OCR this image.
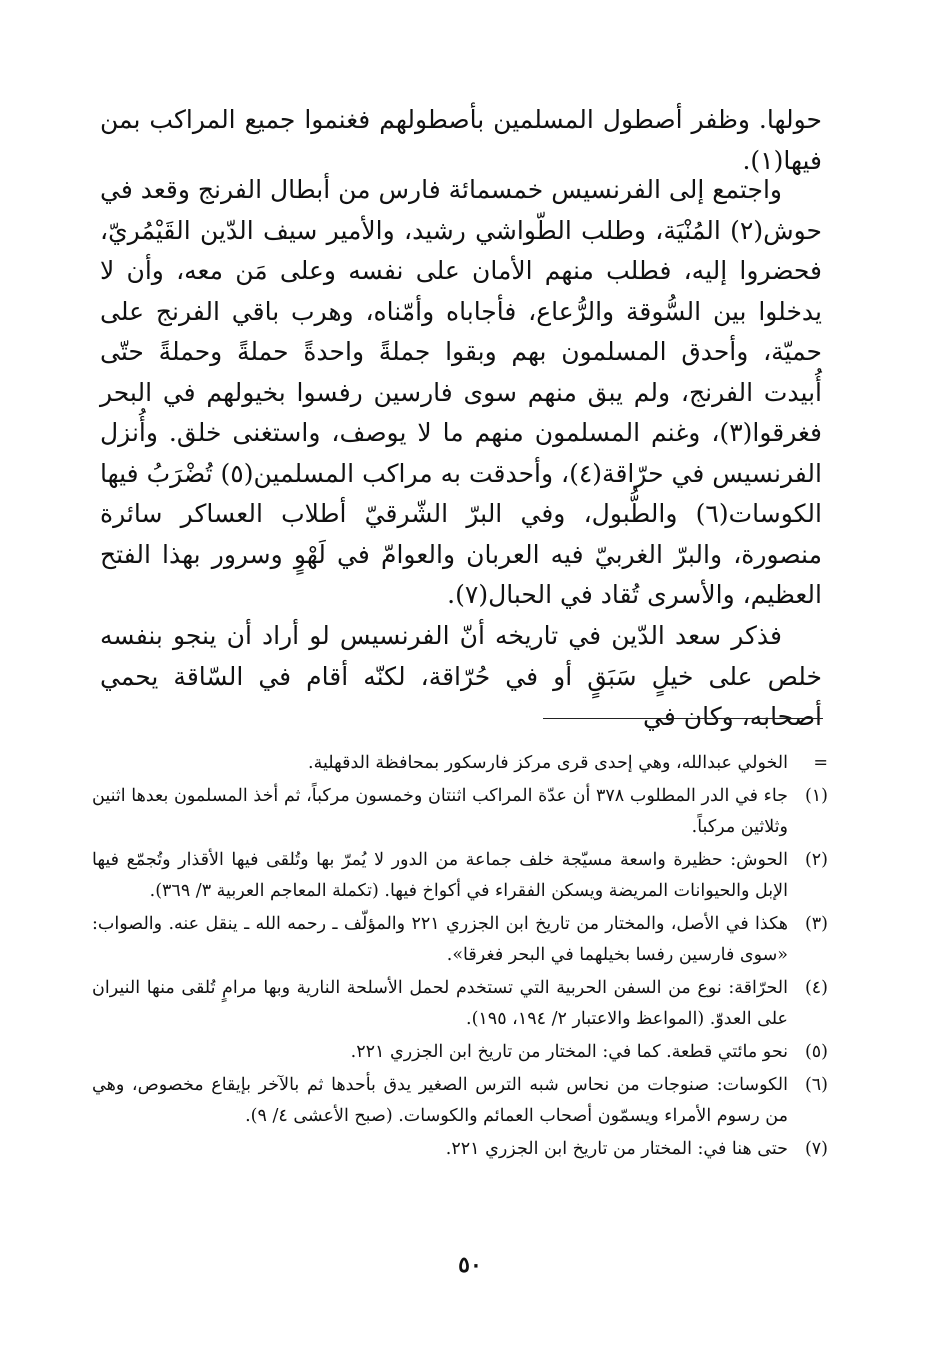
حولها. وظفر أصطول المسلمين بأصطولهم فغنموا جميع المراكب بمن فيها(١).
واجتمع إلى الفرنسيس خمسمائة فارس من أبطال الفرنج وقعد في حوش(٢) المُنْيَة، وطلب الطّواشي رشيد، والأمير سيف الدّين القَيْمُريّ، فحضروا إليه، فطلب منهم الأمان على نفسه وعلى مَن معه، وأن لا يدخلوا بين السُّوقة والرُّعاع، فأجاباه وأمّناه، وهرب باقي الفرنج على حميّة، وأحدق المسلمون بهم وبقوا جملةً واحدةً حملةً وحملةً حتّى أُبيدت الفرنج، ولم يبق منهم سوى فارسين رفسوا بخيولهم في البحر فغرقوا(٣)، وغنم المسلمون منهم ما لا يوصف، واستغنى خلق. وأُنزل الفرنسيس في حرّاقة(٤)، وأحدقت به مراكب المسلمين(٥) تُضْرَبُ فيها الكوسات(٦) والطُّبول، وفي البرّ الشّرقيّ أطلاب العساكر سائرة منصورة، والبرّ الغربيّ فيه العربان والعوامّ في لَهْوٍ وسرور بهذا الفتح العظيم، والأسرى تُقاد في الحبال(٧).
فذكر سعد الدّين في تاريخه أنّ الفرنسيس لو أراد أن ينجو بنفسه خلص على خيلٍ سَبَقٍ أو في حُرّاقة، لكنّه أقام في السّاقة يحمي أصحابه، وكان في
=
الخولي عبدالله، وهي إحدى قرى مركز فارسكور بمحافظة الدقهلية.
(١)
جاء في الدر المطلوب ٣٧٨ أن عدّة المراكب اثنتان وخمسون مركباً، ثم أخذ المسلمون بعدها اثنين وثلاثين مركباً.
(٢)
الحوش: حظيرة واسعة مسيّجة خلف جماعة من الدور لا يُمرّ بها وتُلقى فيها الأقذار وتُجمّع فيها الإبل والحيوانات المريضة ويسكن الفقراء في أكواخ فيها. (تكملة المعاجم العربية ٣/ ٣٦٩).
(٣)
هكذا في الأصل، والمختار من تاريخ ابن الجزري ٢٢١ والمؤلّف ـ رحمه الله ـ ينقل عنه. والصواب: «سوى فارسين رفسا بخيلهما في البحر فغرقا».
(٤)
الحرّاقة: نوع من السفن الحربية التي تستخدم لحمل الأسلحة النارية وبها مرامٍ تُلقى منها النيران على العدوّ. (المواعظ والاعتبار ٢/ ١٩٤، ١٩٥).
(٥)
نحو مائتي قطعة. كما في: المختار من تاريخ ابن الجزري ٢٢١.
(٦)
الكوسات: صنوجات من نحاس شبه الترس الصغير يدق بأحدها ثم بالآخر بإيقاع مخصوص، وهي من رسوم الأمراء ويسمّون أصحاب العمائم والكوسات. (صبح الأعشى ٤/ ٩).
(٧)
حتى هنا في: المختار من تاريخ ابن الجزري ٢٢١.
٥٠
